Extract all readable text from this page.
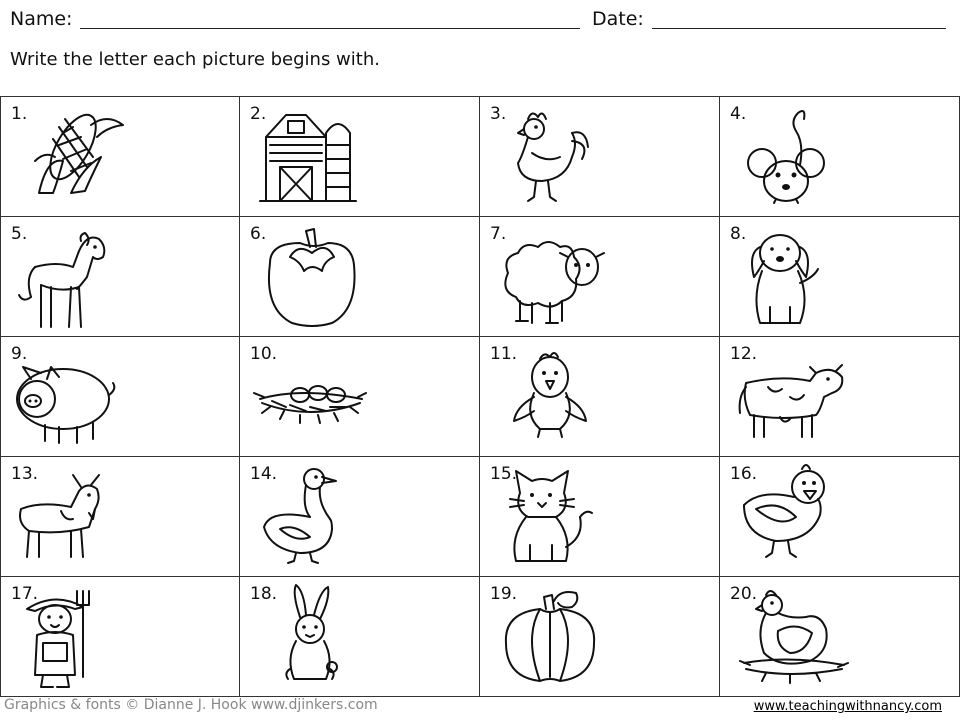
Name:	Date:
Write the letter each picture begins with.
1.	2.	3.	4.
5.	6.	7.	8.
9.	10.	11.	12.
13.	14.	15.	16.
17.	18.	19.	20.
Graphics & fonts © Dianne J. Hook www.djinkers.com	www.teachingwithnancy.com
